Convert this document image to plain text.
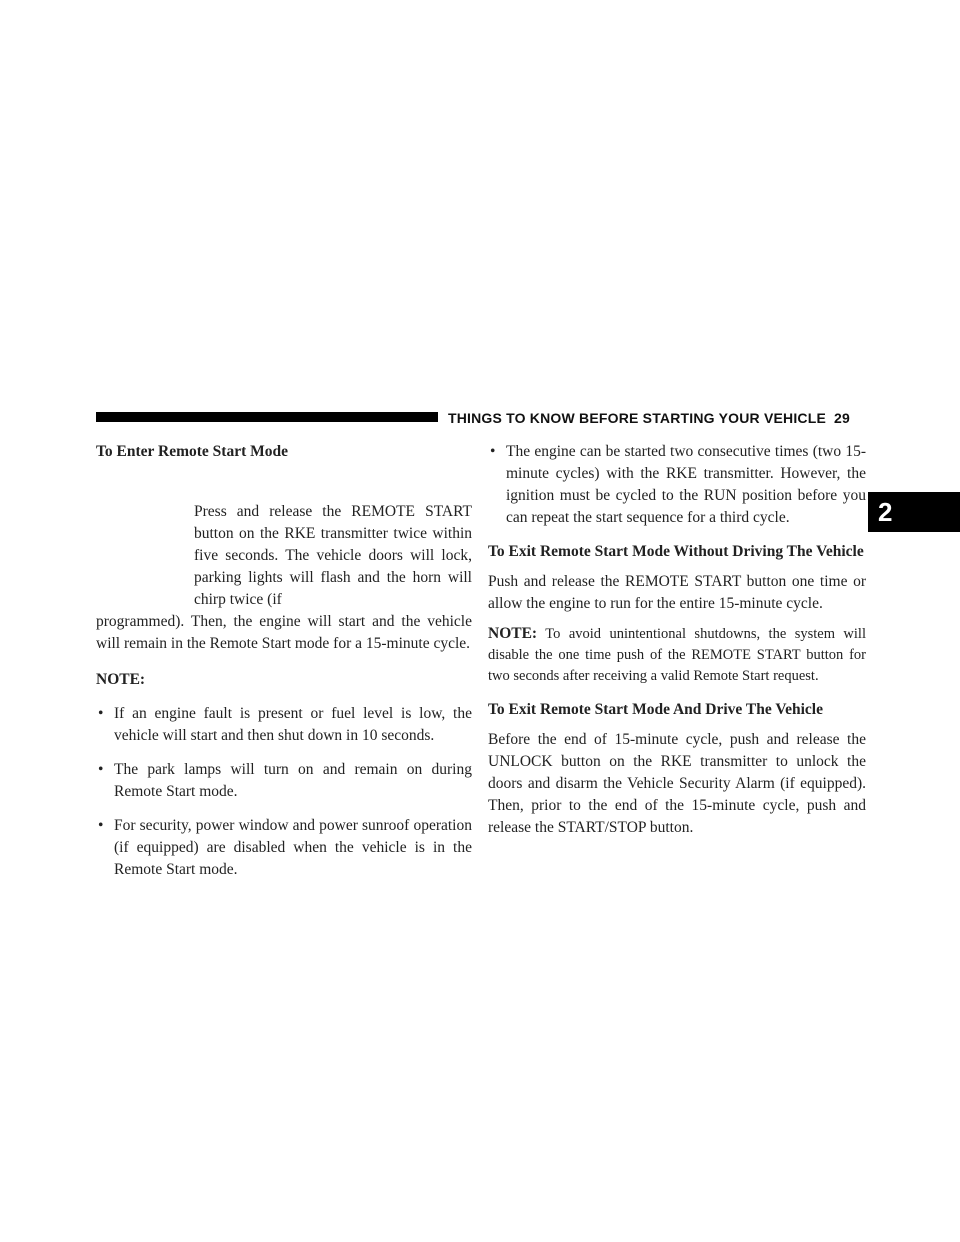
THINGS TO KNOW BEFORE STARTING YOUR VEHICLE 29
2
To Enter Remote Start Mode

Press and release the REMOTE START button on the RKE transmitter twice within five seconds. The vehicle doors will lock, parking lights will flash and the horn will chirp twice (if
programmed). Then, the engine will start and the vehicle will remain in the Remote Start mode for a 15-minute cycle.

NOTE:

• If an engine fault is present or fuel level is low, the vehicle will start and then shut down in 10 seconds.
• The park lamps will turn on and remain on during Remote Start mode.
• For security, power window and power sunroof operation (if equipped) are disabled when the vehicle is in the Remote Start mode.
• The engine can be started two consecutive times (two 15-minute cycles) with the RKE transmitter. However, the ignition must be cycled to the RUN position before you can repeat the start sequence for a third cycle.
To Exit Remote Start Mode Without Driving The Vehicle

Push and release the REMOTE START button one time or allow the engine to run for the entire 15-minute cycle.

NOTE: To avoid unintentional shutdowns, the system will disable the one time push of the REMOTE START button for two seconds after receiving a valid Remote Start request.

To Exit Remote Start Mode And Drive The Vehicle

Before the end of 15-minute cycle, push and release the UNLOCK button on the RKE transmitter to unlock the doors and disarm the Vehicle Security Alarm (if equipped). Then, prior to the end of the 15-minute cycle, push and release the START/STOP button.
